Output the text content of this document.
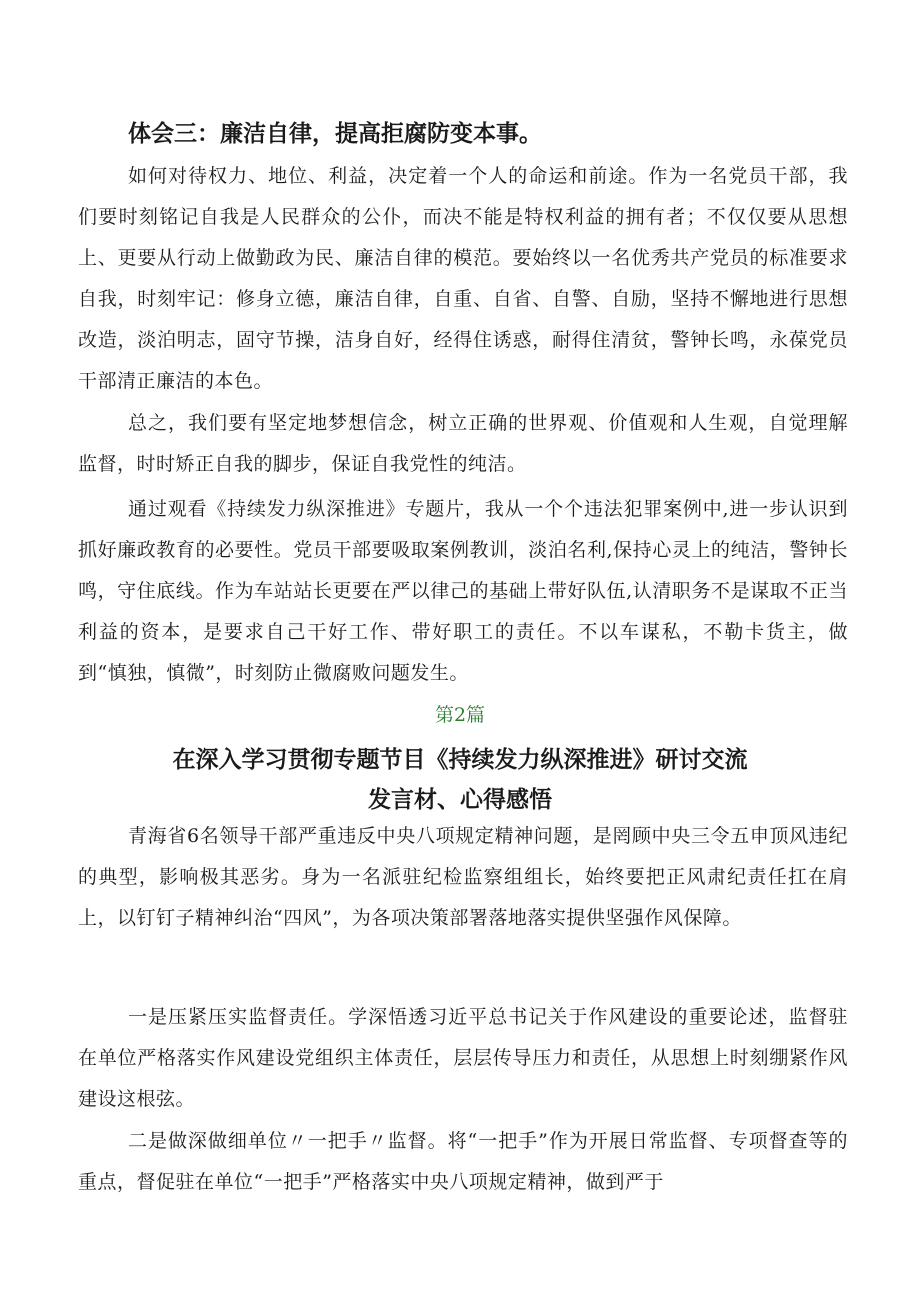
体会三：廉洁自律，提高拒腐防变本事。

如何对待权力、地位、利益，决定着一个人的命运和前途。作为一名党员干部，我们要时刻铭记自我是人民群众的公仆，而决不能是特权利益的拥有者；不仅仅要从思想上、更要从行动上做勤政为民、廉洁自律的模范。要始终以一名优秀共产党员的标准要求自我，时刻牢记：修身立德，廉洁自律，自重、自省、自警、自励，坚持不懈地进行思想改造，淡泊明志，固守节操，洁身自好，经得住诱惑，耐得住清贫，警钟长鸣，永葆党员干部清正廉洁的本色。

总之，我们要有坚定地梦想信念，树立正确的世界观、价值观和人生观，自觉理解监督，时时矫正自我的脚步，保证自我党性的纯洁。

通过观看《持续发力纵深推进》专题片，我从一个个违法犯罪案例中,进一步认识到抓好廉政教育的必要性。党员干部要吸取案例教训，淡泊名利,保持心灵上的纯洁，警钟长鸣，守住底线。作为车站站长更要在严以律己的基础上带好队伍,认清职务不是谋取不正当利益的资本，是要求自己干好工作、带好职工的责任。不以车谋私，不勒卡货主，做到“慎独，慎微”，时刻防止微腐败问题发生。

第2篇
在深入学习贯彻专题节目《持续发力纵深推进》研讨交流
发言材、心得感悟

青海省6名领导干部严重违反中央八项规定精神问题，是罔顾中央三令五申顶风违纪的典型，影响极其恶劣。身为一名派驻纪检监察组组长，始终要把正风肃纪责任扛在肩上，以钉钉子精神纠治“四风”，为各项决策部署落地落实提供坚强作风保障。

一是压紧压实监督责任。学深悟透习近平总书记关于作风建设的重要论述，监督驻在单位严格落实作风建设党组织主体责任，层层传导压力和责任，从思想上时刻绷紧作风建设这根弦。

二是做深做细单位〃一把手〃监督。将“一把手”作为开展日常监督、专项督查等的重点，督促驻在单位“一把手”严格落实中央八项规定精神，做到严于
